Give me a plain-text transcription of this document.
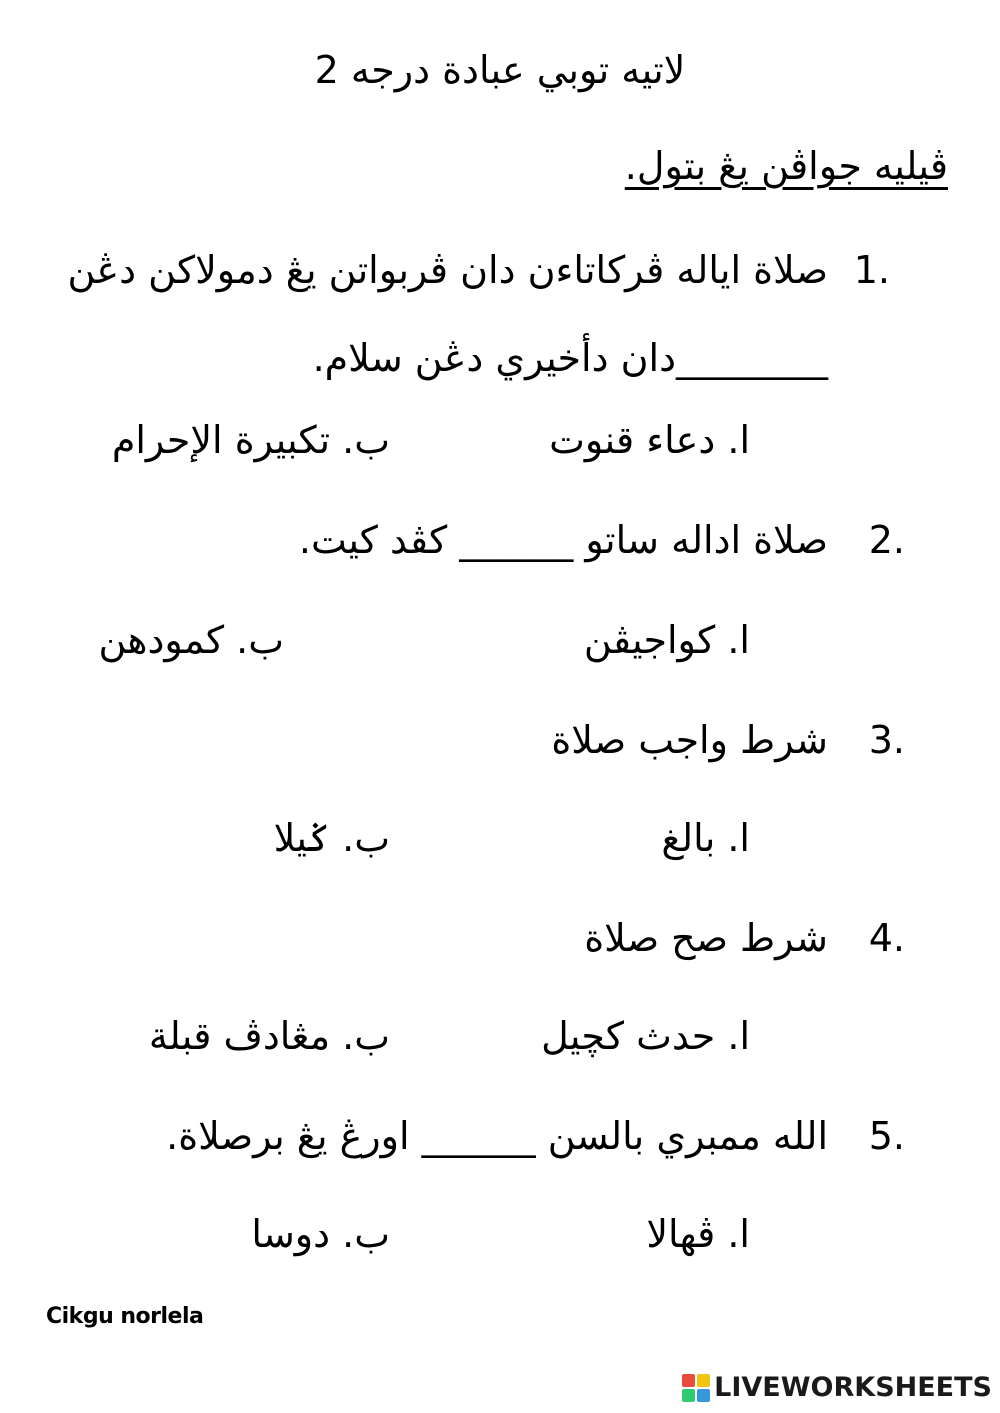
لاتيه توبي عبادة درجه 2
ڤيليه جواڤن يڠ بتول.
1.
صلاة اياله ڤركاتاءن دان ڤربواتن يڠ دمولاكن دڠن
________دان دأخيري دڠن سلام.
ا. دعاء قنوت
ب. تكبيرة الإحرام
2.
صلاة اداله ساتو ______ كڤد كيت.
ا. كواجيڤن
ب. كمودهن
3.
شرط واجب صلاة
ا. بالغ
ب. ݢيلا
4.
شرط صح صلاة
ا. حدث كچيل
ب. مڠادڤ قبلة
5.
الله ممبري بالسن ______ اورڠ يڠ برصلاة.
ا. ڤهالا
ب. دوسا
Cikgu norlela
LIVEWORKSHEETS
